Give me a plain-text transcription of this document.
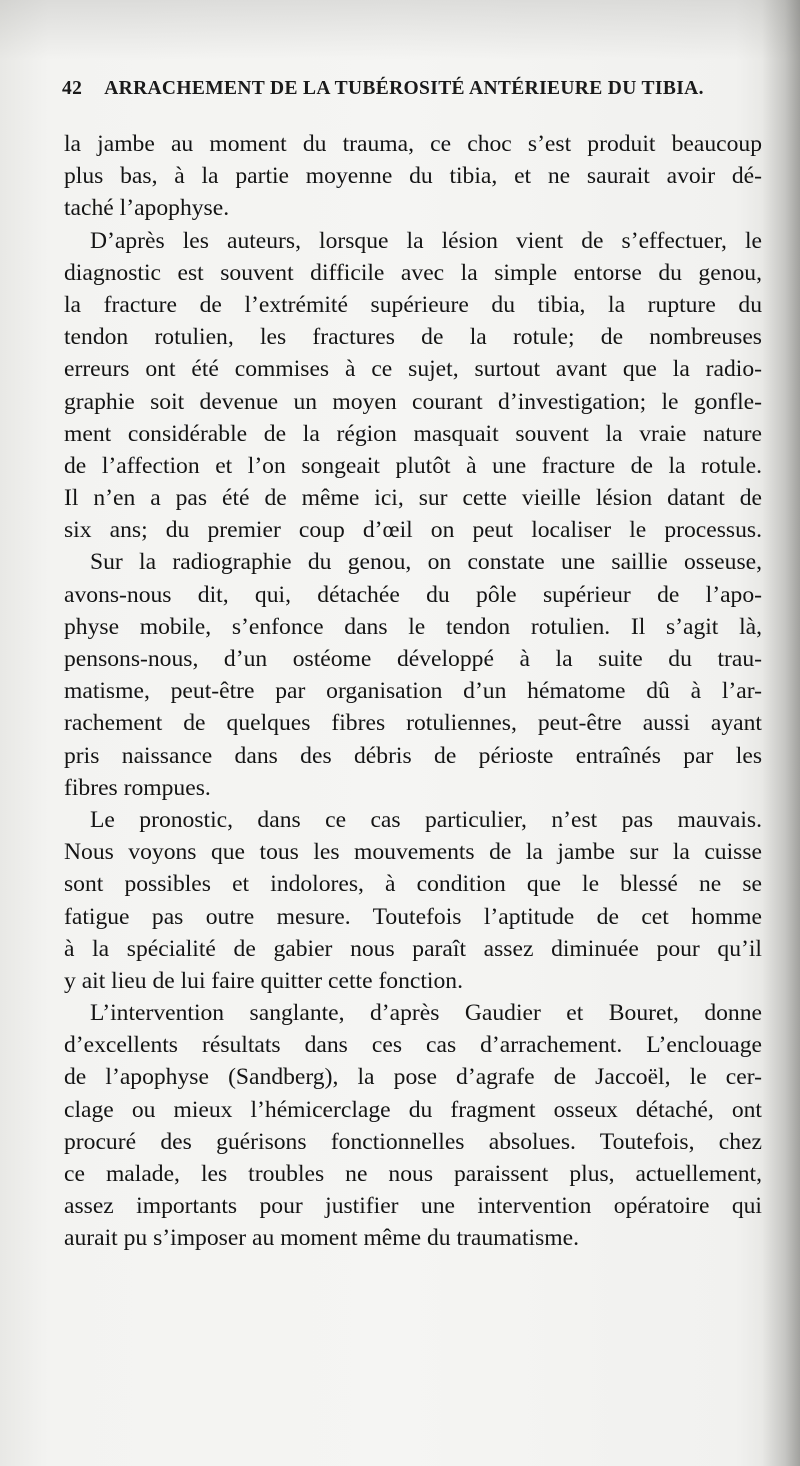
42 ARRACHEMENT DE LA TUBÉROSITÉ ANTÉRIEURE DU TIBIA.
la jambe au moment du trauma, ce choc s’est produit beaucoup
plus bas, à la partie moyenne du tibia, et ne saurait avoir dé-
taché l’apophyse.
D’après les auteurs, lorsque la lésion vient de s’effectuer, le
diagnostic est souvent difficile avec la simple entorse du genou,
la fracture de l’extrémité supérieure du tibia, la rupture du
tendon rotulien, les fractures de la rotule; de nombreuses
erreurs ont été commises à ce sujet, surtout avant que la radio-
graphie soit devenue un moyen courant d’investigation; le gonfle-
ment considérable de la région masquait souvent la vraie nature
de l’affection et l’on songeait plutôt à une fracture de la rotule.
Il n’en a pas été de même ici, sur cette vieille lésion datant de
six ans; du premier coup d’œil on peut localiser le processus.
Sur la radiographie du genou, on constate une saillie osseuse,
avons-nous dit, qui, détachée du pôle supérieur de l’apo-
physe mobile, s’enfonce dans le tendon rotulien. Il s’agit là,
pensons-nous, d’un ostéome développé à la suite du trau-
matisme, peut-être par organisation d’un hématome dû à l’ar-
rachement de quelques fibres rotuliennes, peut-être aussi ayant
pris naissance dans des débris de périoste entraînés par les
fibres rompues.
Le pronostic, dans ce cas particulier, n’est pas mauvais.
Nous voyons que tous les mouvements de la jambe sur la cuisse
sont possibles et indolores, à condition que le blessé ne se
fatigue pas outre mesure. Toutefois l’aptitude de cet homme
à la spécialité de gabier nous paraît assez diminuée pour qu’il
y ait lieu de lui faire quitter cette fonction.
L’intervention sanglante, d’après Gaudier et Bouret, donne
d’excellents résultats dans ces cas d’arrachement. L’enclouage
de l’apophyse (Sandberg), la pose d’agrafe de Jaccoël, le cer-
clage ou mieux l’hémicerclage du fragment osseux détaché, ont
procuré des guérisons fonctionnelles absolues. Toutefois, chez
ce malade, les troubles ne nous paraissent plus, actuellement,
assez importants pour justifier une intervention opératoire qui
aurait pu s’imposer au moment même du traumatisme.
